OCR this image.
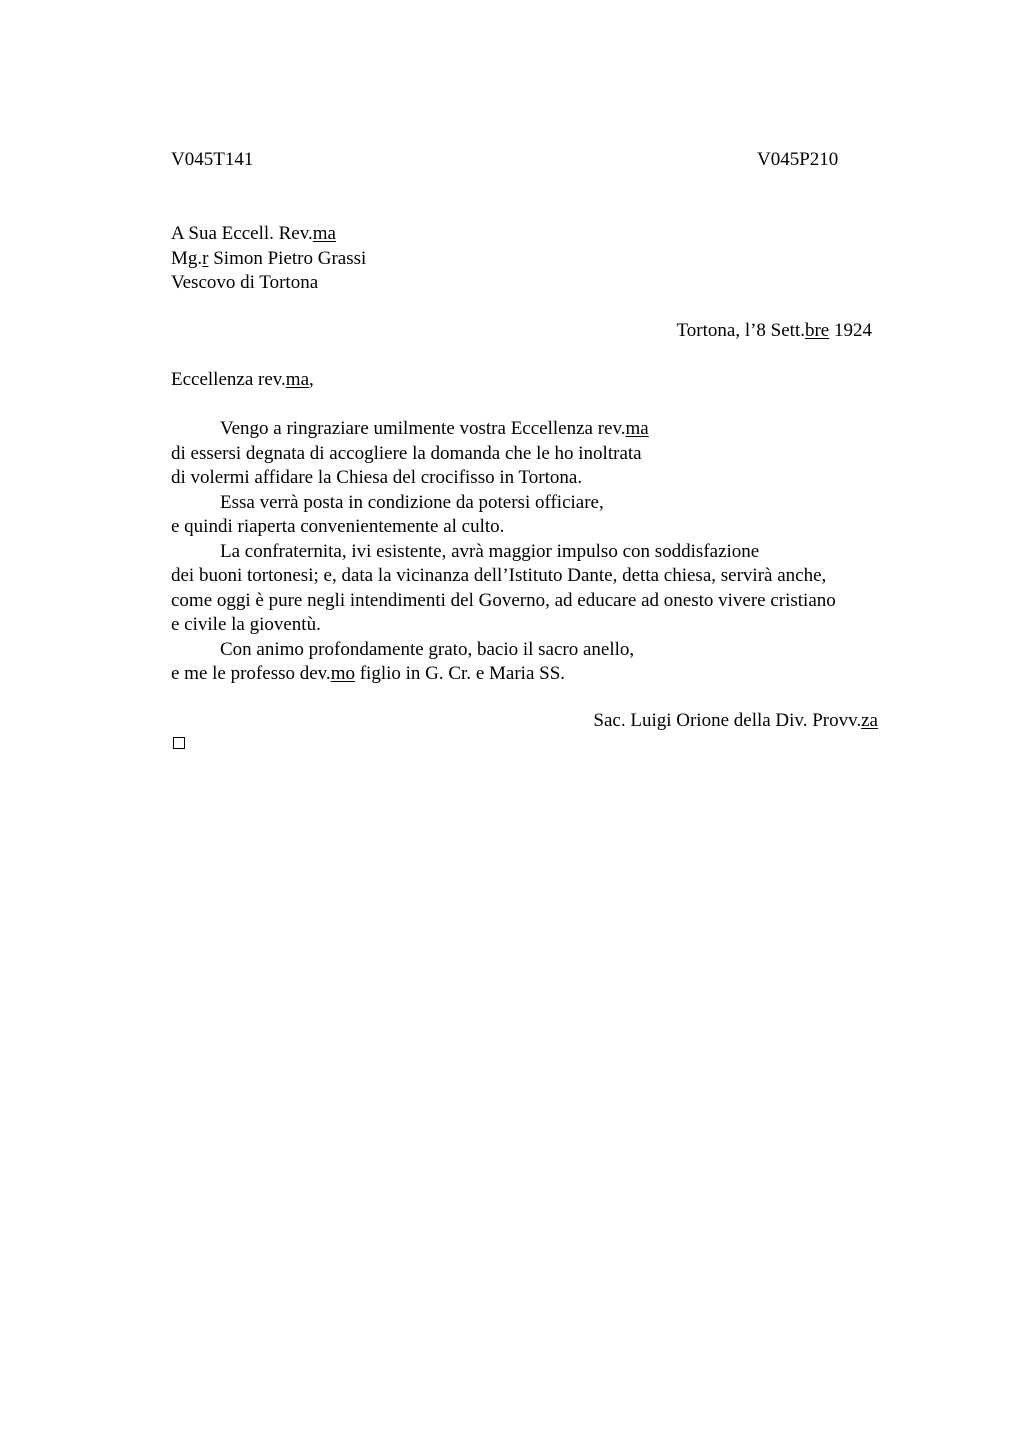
V045T141	V045P210
A Sua Eccell. Rev.ma
Mg.r Simon Pietro Grassi
Vescovo di Tortona
Tortona, l’8 Sett.bre 1924
Eccellenza rev.ma,
Vengo a ringraziare umilmente vostra Eccellenza rev.ma
di essersi degnata di accogliere la domanda che le ho inoltrata
di volermi affidare la Chiesa del crocifisso in Tortona.
Essa verrà posta in condizione da potersi officiare,
e quindi riaperta convenientemente al culto.
La confraternita, ivi esistente, avrà maggior impulso con soddisfazione
dei buoni tortonesi; e, data la vicinanza dell’Istituto Dante, detta chiesa, servirà anche,
come oggi è pure negli intendimenti del Governo, ad educare ad onesto vivere cristiano
e civile la gioventù.
Con animo profondamente grato, bacio il sacro anello,
e me le professo dev.mo figlio in G. Cr. e Maria SS.
Sac. Luigi Orione della Div. Provv.za
